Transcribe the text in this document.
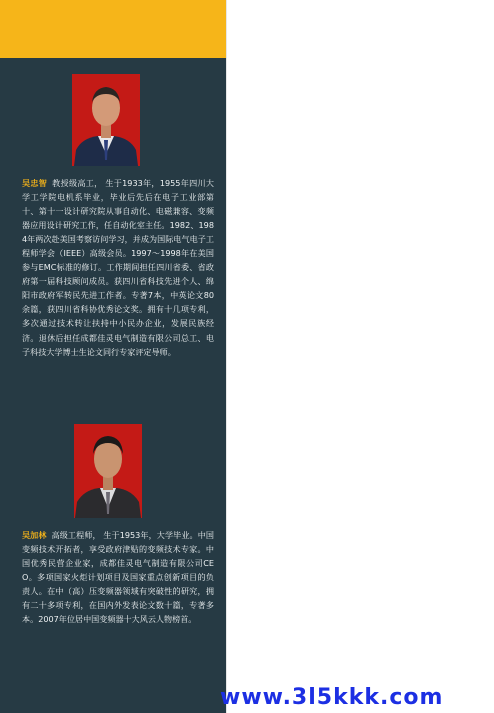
吴忠智 教授级高工， 生于1933年，1955年四川大学工学院电机系毕业，毕业后先后在电子工业部第十、第十一设计研究院从事自动化、电磁兼容、变频器应用设计研究工作，任自动化室主任。1982、1984年两次赴美国考察访问学习，并成为国际电气电子工程师学会（IEEE）高级会员。1997～1998年在美国参与EMC标准的修订。工作期间担任四川省委、省政府第一届科技顾问成员。获四川省科技先进个人、绵阳市政府军转民先进工作者。专著7本，中英论文80余篇，获四川省科协优秀论文奖。拥有十几项专利，多次通过技术转让扶持中小民办企业，发展民族经济。退休后担任成都佳灵电气制造有限公司总工、电子科技大学博士生论文同行专家评定导师。

吴加林 高级工程师， 生于1953年，大学毕业。中国变频技术开拓者，享受政府津贴的变频技术专家。中国优秀民营企业家，成都佳灵电气制造有限公司CEO。多项国家火炬计划项目及国家重点创新项目的负责人。在中（高）压变频器领域有突破性的研究，拥有二十多项专利，在国内外发表论文数十篇，专著多本。2007年位居中国变频器十大风云人物榜首。

www.3l5kkk.com
